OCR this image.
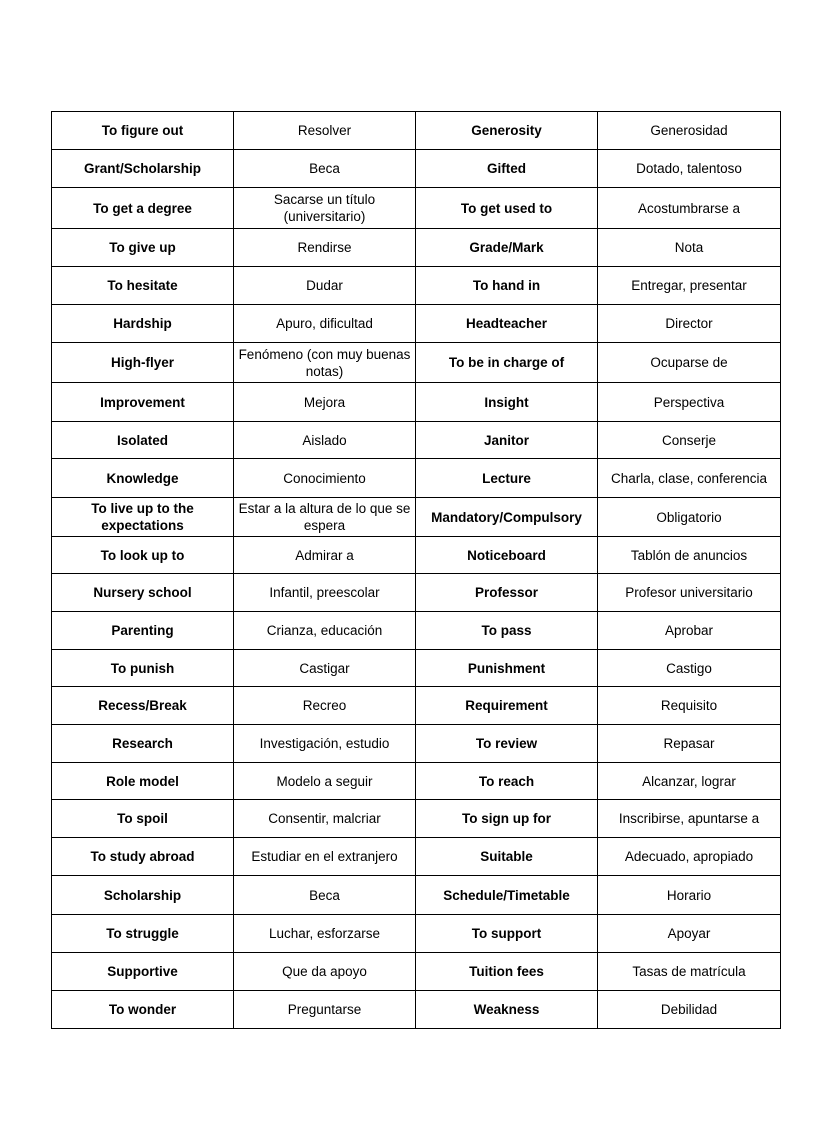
To figure out	Resolver	Generosity	Generosidad
Grant/Scholarship	Beca	Gifted	Dotado, talentoso
To get a degree	Sacarse un título (universitario)	To get used to	Acostumbrarse a
To give up	Rendirse	Grade/Mark	Nota
To hesitate	Dudar	To hand in	Entregar, presentar
Hardship	Apuro, dificultad	Headteacher	Director
High-flyer	Fenómeno (con muy buenas notas)	To be in charge of	Ocuparse de
Improvement	Mejora	Insight	Perspectiva
Isolated	Aislado	Janitor	Conserje
Knowledge	Conocimiento	Lecture	Charla, clase, conferencia
To live up to the expectations	Estar a la altura de lo que se espera	Mandatory/Compulsory	Obligatorio
To look up to	Admirar a	Noticeboard	Tablón de anuncios
Nursery school	Infantil, preescolar	Professor	Profesor universitario
Parenting	Crianza, educación	To pass	Aprobar
To punish	Castigar	Punishment	Castigo
Recess/Break	Recreo	Requirement	Requisito
Research	Investigación, estudio	To review	Repasar
Role model	Modelo a seguir	To reach	Alcanzar, lograr
To spoil	Consentir, malcriar	To sign up for	Inscribirse, apuntarse a
To study abroad	Estudiar en el extranjero	Suitable	Adecuado, apropiado
Scholarship	Beca	Schedule/Timetable	Horario
To struggle	Luchar, esforzarse	To support	Apoyar
Supportive	Que da apoyo	Tuition fees	Tasas de matrícula
To wonder	Preguntarse	Weakness	Debilidad
